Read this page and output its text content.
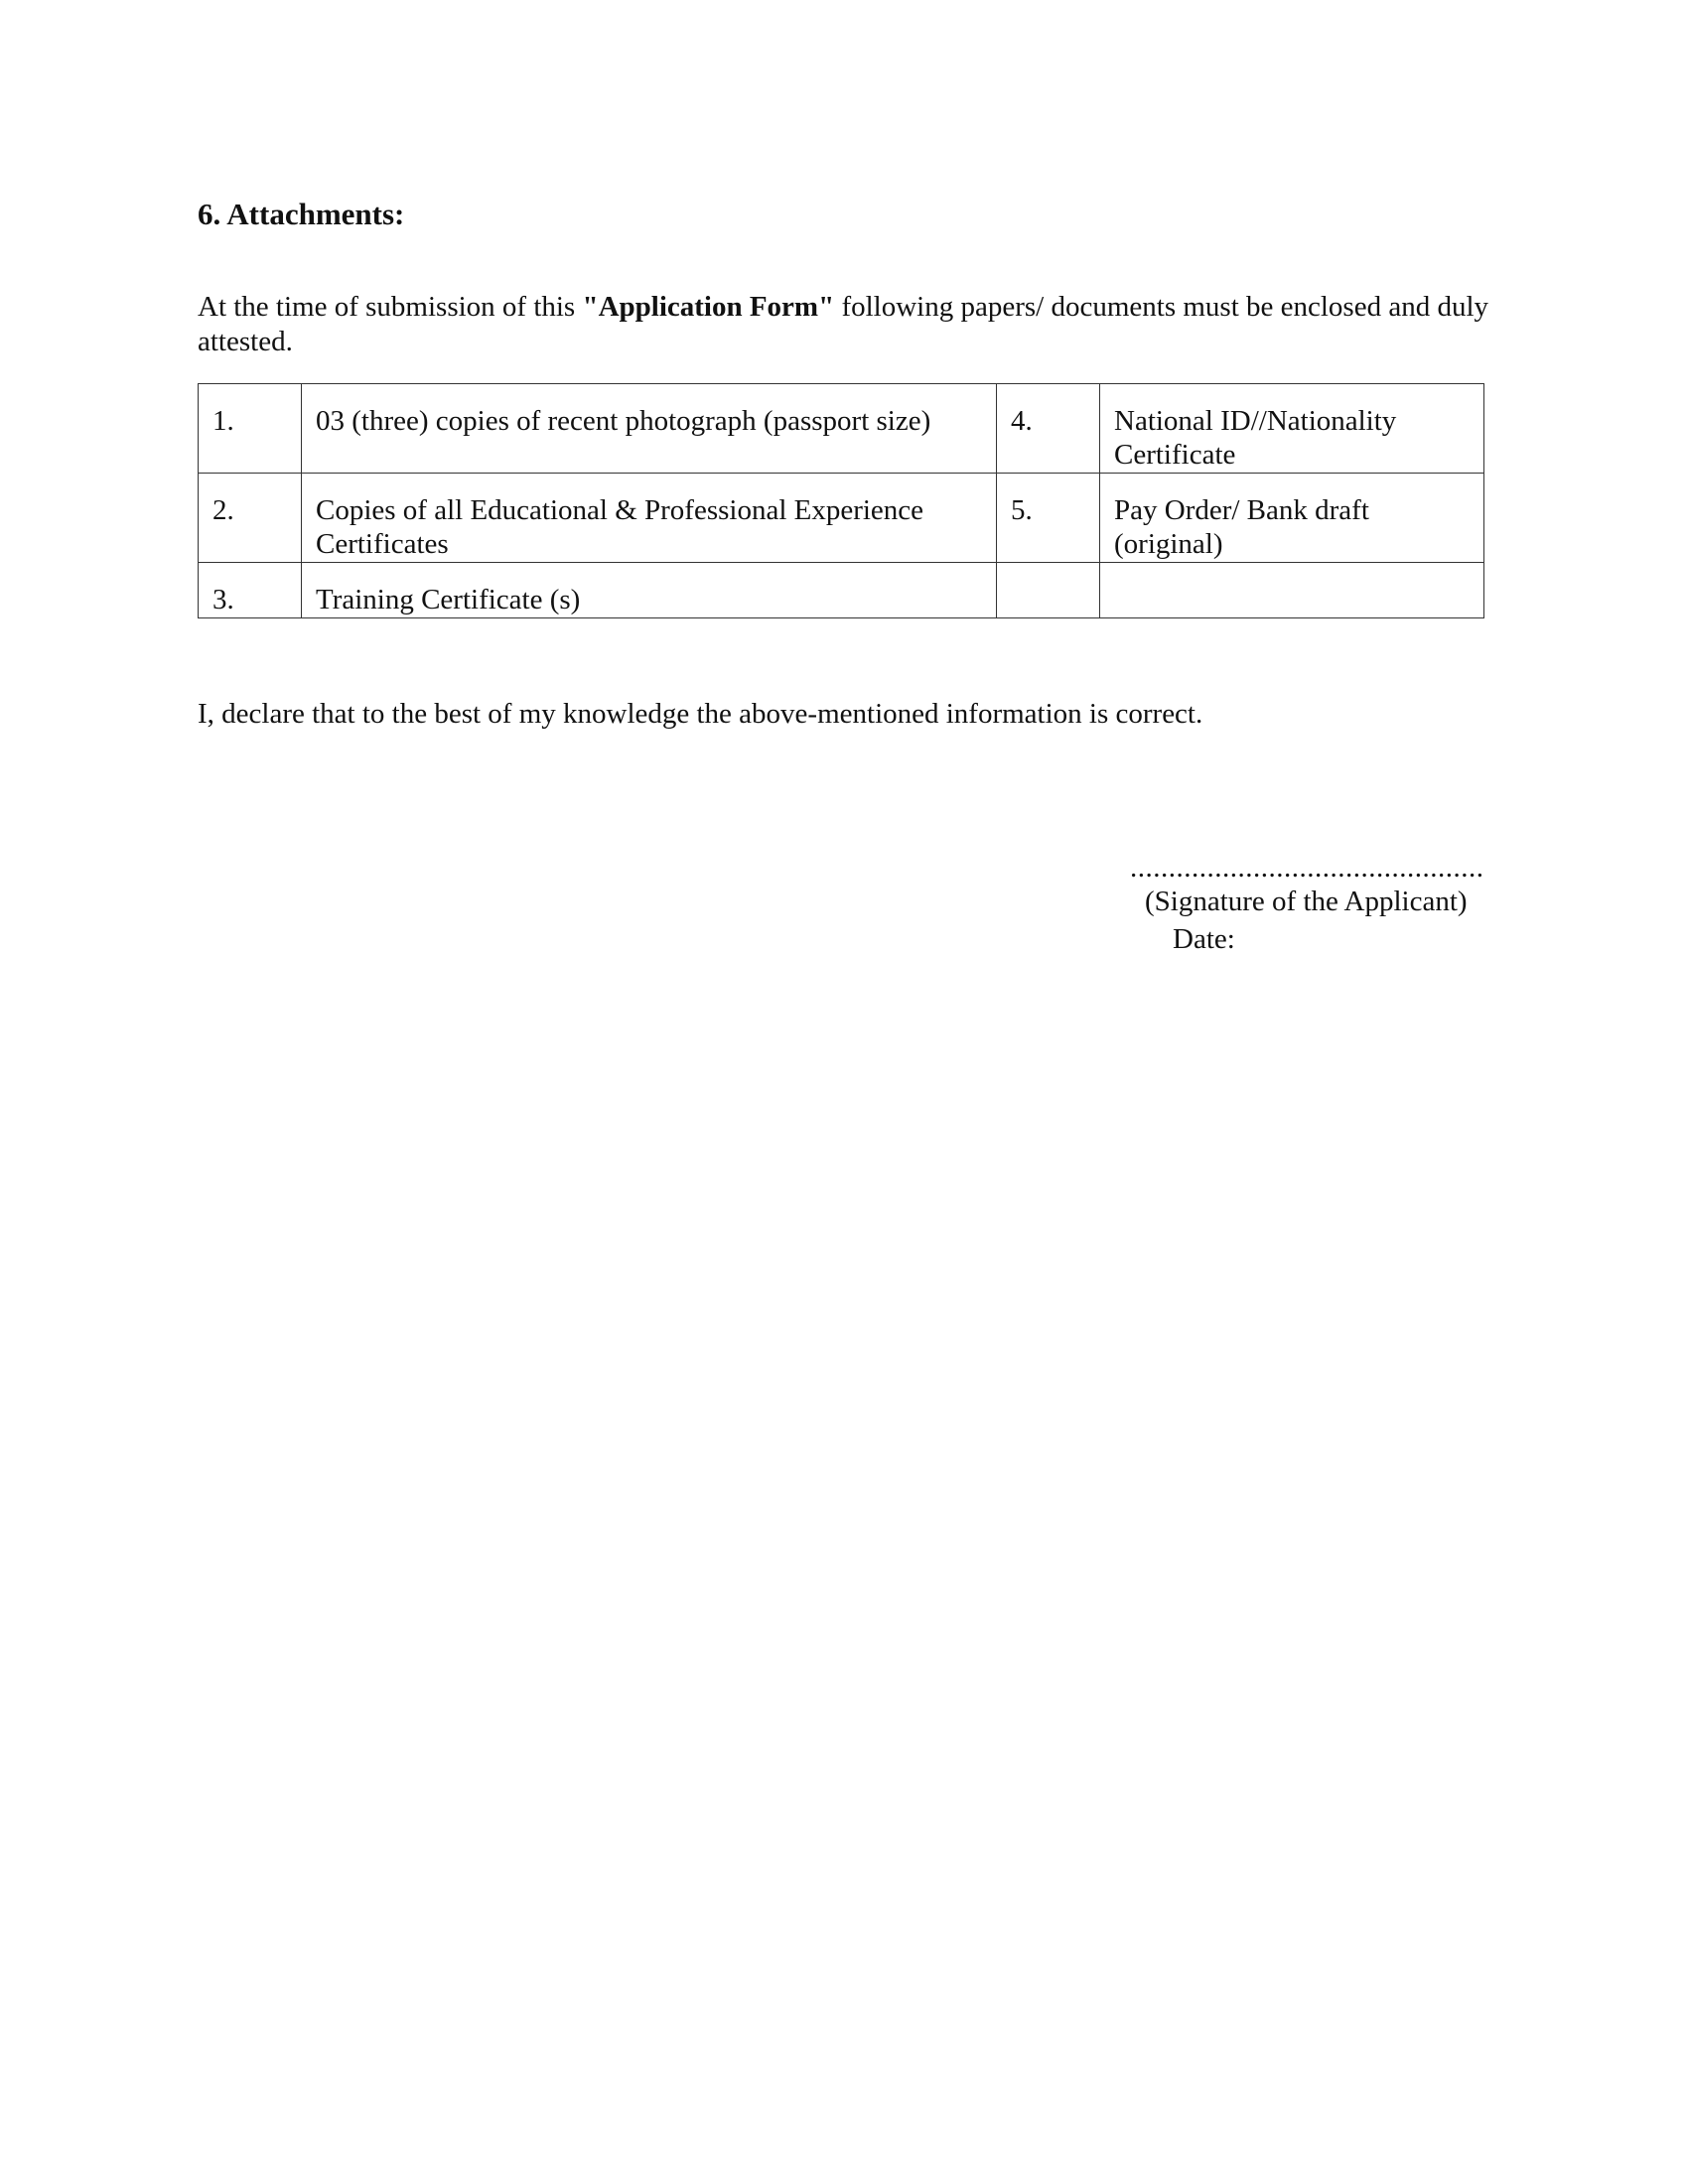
6. Attachments:

At the time of submission of this "Application Form" following papers/ documents must be enclosed and duly attested.

1.	03 (three) copies of recent photograph (passport size)	4.	National ID//Nationality Certificate
2.	Copies of all Educational & Professional Experience Certificates	5.	Pay Order/ Bank draft (original)
3.	Training Certificate (s)		

I, declare that to the best of my knowledge the above-mentioned information is correct.

..............................................

(Signature of the Applicant)

Date:
